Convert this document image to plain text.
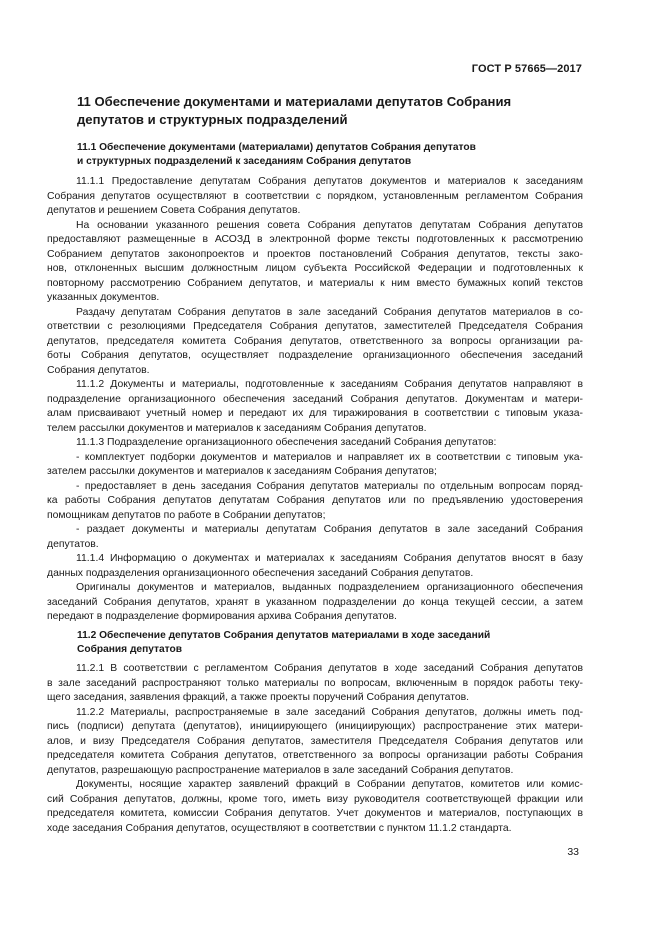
ГОСТ Р 57665—2017
11 Обеспечение документами и материалами депутатов Собрания
депутатов и структурных подразделений
11.1 Обеспечение документами (материалами) депутатов Собрания депутатов
и структурных подразделений к заседаниям Собрания депутатов
11.1.1 Предоставление депутатам Собрания депутатов документов и материалов к заседаниям
Собрания депутатов осуществляют в соответствии с порядком, установленным регламентом Собрания
депутатов и решением Совета Собрания депутатов.
На основании указанного решения совета Собрания депутатов депутатам Собрания депутатов
предоставляют размещенные в АСОЗД в электронной форме тексты подготовленных к рассмотрению
Собранием депутатов законопроектов и проектов постановлений Собрания депутатов, тексты зако-
нов, отклоненных высшим должностным лицом субъекта Российской Федерации и подготовленных к
повторному рассмотрению Собранием депутатов, и материалы к ним вместо бумажных копий текстов
указанных документов.
Раздачу депутатам Собрания депутатов в зале заседаний Собрания депутатов материалов в со-
ответствии с резолюциями Председателя Собрания депутатов, заместителей Председателя Собрания
депутатов, председателя комитета Собрания депутатов, ответственного за вопросы организации ра-
боты Собрания депутатов, осуществляет подразделение организационного обеспечения заседаний
Собрания депутатов.
11.1.2 Документы и материалы, подготовленные к заседаниям Собрания депутатов направляют в
подразделение организационного обеспечения заседаний Собрания депутатов. Документам и матери-
алам присваивают учетный номер и передают их для тиражирования в соответствии с типовым указа-
телем рассылки документов и материалов к заседаниям Собрания депутатов.
11.1.3 Подразделение организационного обеспечения заседаний Собрания депутатов:
- комплектует подборки документов и материалов и направляет их в соответствии с типовым ука-
зателем рассылки документов и материалов к заседаниям Собрания депутатов;
- предоставляет в день заседания Собрания депутатов материалы по отдельным вопросам поряд-
ка работы Собрания депутатов депутатам Собрания депутатов или по предъявлению удостоверения
помощникам депутатов по работе в Собрании депутатов;
- раздает документы и материалы депутатам Собрания депутатов в зале заседаний Собрания
депутатов.
11.1.4 Информацию о документах и материалах к заседаниям Собрания депутатов вносят в базу
данных подразделения организационного обеспечения заседаний Собрания депутатов.
Оригиналы документов и материалов, выданных подразделением организационного обеспечения
заседаний Собрания депутатов, хранят в указанном подразделении до конца текущей сессии, а затем
передают в подразделение формирования архива Собрания депутатов.
11.2 Обеспечение депутатов Собрания депутатов материалами в ходе заседаний
Собрания депутатов
11.2.1 В соответствии с регламентом Собрания депутатов в ходе заседаний Собрания депутатов
в зале заседаний распространяют только материалы по вопросам, включенным в порядок работы теку-
щего заседания, заявления фракций, а также проекты поручений Собрания депутатов.
11.2.2 Материалы, распространяемые в зале заседаний Собрания депутатов, должны иметь под-
пись (подписи) депутата (депутатов), инициирующего (инициирующих) распространение этих матери-
алов, и визу Председателя Собрания депутатов, заместителя Председателя Собрания депутатов или
председателя комитета Собрания депутатов, ответственного за вопросы организации работы Собрания
депутатов, разрешающую распространение материалов в зале заседаний Собрания депутатов.
Документы, носящие характер заявлений фракций в Собрании депутатов, комитетов или комис-
сий Собрания депутатов, должны, кроме того, иметь визу руководителя соответствующей фракции или
председателя комитета, комиссии Собрания депутатов. Учет документов и материалов, поступающих в
ходе заседания Собрания депутатов, осуществляют в соответствии с пунктом 11.1.2 стандарта.
33
